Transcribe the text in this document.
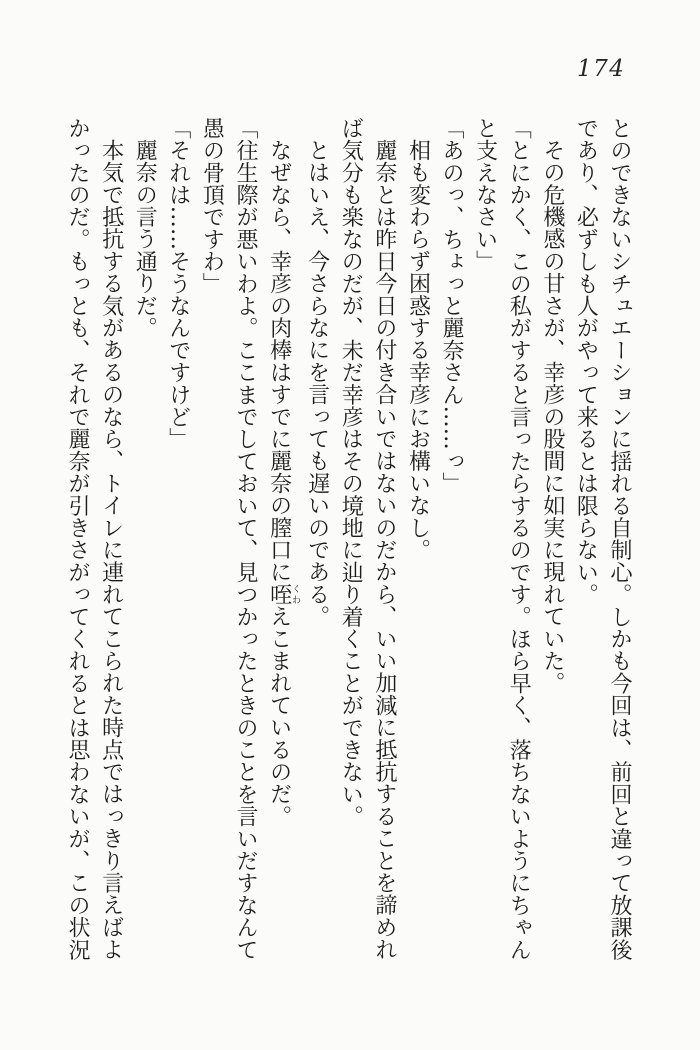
174

とのできないシチュエーションに揺れる自制心。しかも今回は、前回と違って放課後であり、必ずしも人がやって来るとは限らない。

その危機感の甘さが、幸彦の股間に如実に現れていた。

「とにかく、この私がすると言ったらするのです。ほら早く、落ちないようにちゃんと支えなさい」

「あのっ、ちょっと麗奈さん……っ」

相も変わらず困惑する幸彦にお構いなし。

麗奈とは昨日今日の付き合いではないのだから、いい加減に抵抗することを諦めれば気分も楽なのだが、未だ幸彦はその境地に辿り着くことができない。

とはいえ、今さらなにを言っても遅いのである。

なぜなら、幸彦の肉棒はすでに麗奈の膣口に咥くわえこまれているのだ。

「往生際が悪いわよ。ここまでしておいて、見つかったときのことを言いだすなんて愚の骨頂ですわ」

「それは……そうなんですけど」

麗奈の言う通りだ。

本気で抵抗する気があるのなら、トイレに連れてこられた時点ではっきり言えばよかったのだ。もっとも、それで麗奈が引きさがってくれるとは思わないが、この状況
